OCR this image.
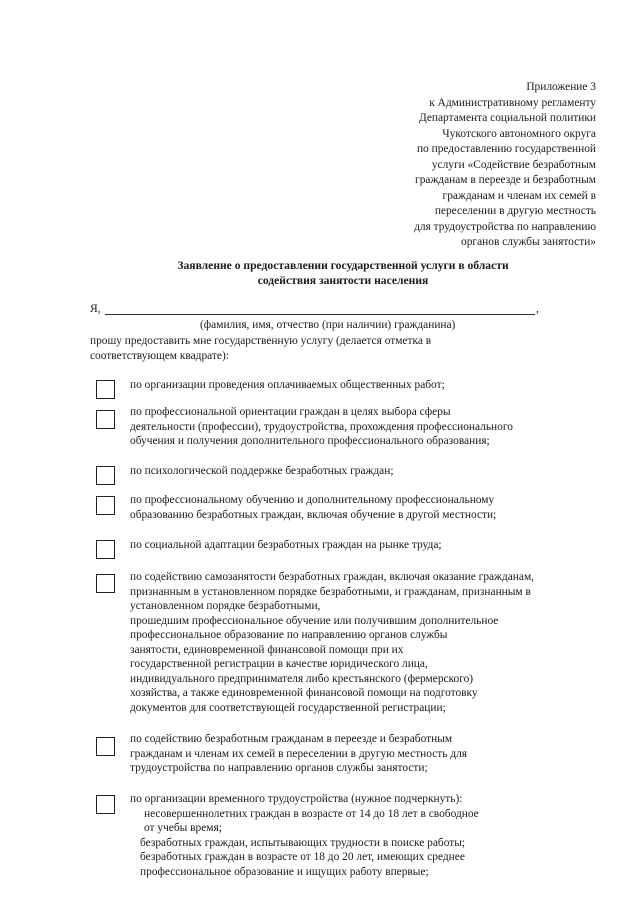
Приложение 3
к Административному регламенту
Департамента социальной политики
Чукотского автономного округа
по предоставлению государственной
услуги «Содействие безработным
гражданам в переезде и безработным
гражданам и членам их семей в
переселении в другую местность
для трудоустройства по направлению
органов службы занятости»
Заявление о предоставлении государственной услуги в области
содействия занятости населения
Я,	,
(фамилия, имя, отчество (при наличии) гражданина)
прошу предоставить мне государственную услугу (делается отметка в
соответствующем квадрате):
по организации проведения оплачиваемых общественных работ;
по профессиональной ориентации граждан в целях выбора сферы
деятельности (профессии), трудоустройства, прохождения профессионального
обучения и получения дополнительного профессионального образования;
по психологической поддержке безработных граждан;
по профессиональному обучению и дополнительному профессиональному
образованию безработных граждан, включая обучение в другой местности;
по социальной адаптации безработных граждан на рынке труда;
по содействию самозанятости безработных граждан, включая оказание гражданам,
признанным в установленном порядке безработными, и гражданам, признанным в
установленном порядке безработными,
прошедшим профессиональное обучение или получившим дополнительное
профессиональное образование по направлению органов службы
занятости, единовременной финансовой помощи при их
государственной регистрации в качестве юридического лица,
индивидуального предпринимателя либо крестьянского (фермерского)
хозяйства, а также единовременной финансовой помощи на подготовку
документов для соответствующей государственной регистрации;
по содействию безработным гражданам в переезде и безработным
гражданам и членам их семей в переселении в другую местность для
трудоустройства по направлению органов службы занятости;
по организации временного трудоустройства (нужное подчеркнуть):
несовершеннолетних граждан в возрасте от 14 до 18 лет в свободное
от учебы время;
безработных граждан, испытывающих трудности в поиске работы;
безработных граждан в возрасте от 18 до 20 лет, имеющих среднее
профессиональное образование и ищущих работу впервые;
